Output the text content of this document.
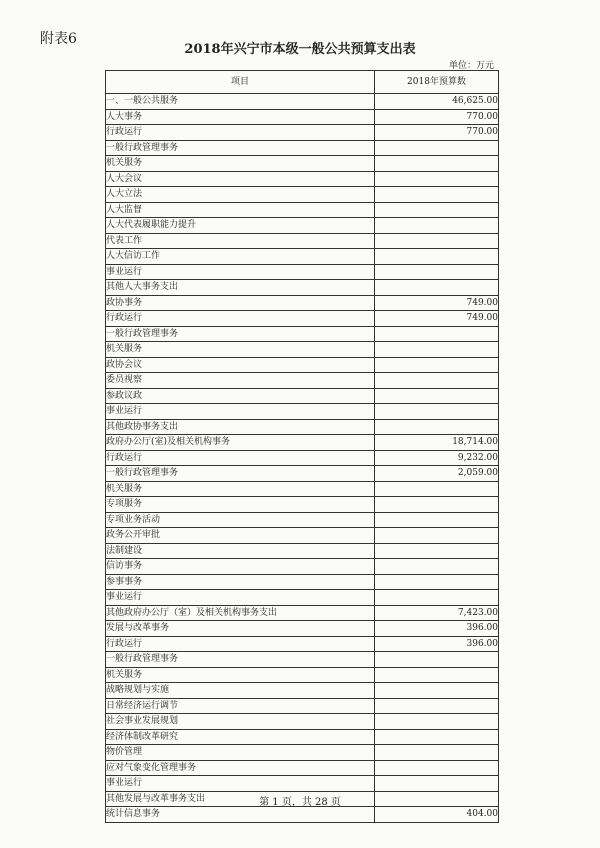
附表6
2018年兴宁市本级一般公共预算支出表
单位：万元
项目	2018年预算数
一、一般公共服务	46,625.00
人大事务	770.00
行政运行	770.00
一般行政管理事务	
机关服务	
人大会议	
人大立法	
人大监督	
人大代表履职能力提升	
代表工作	
人大信访工作	
事业运行	
其他人大事务支出	
政协事务	749.00
行政运行	749.00
一般行政管理事务	
机关服务	
政协会议	
委员视察	
参政议政	
事业运行	
其他政协事务支出	
政府办公厅(室)及相关机构事务	18,714.00
行政运行	9,232.00
一般行政管理事务	2,059.00
机关服务	
专项服务	
专项业务活动	
政务公开审批	
法制建设	
信访事务	
参事事务	
事业运行	
其他政府办公厅（室）及相关机构事务支出	7,423.00
发展与改革事务	396.00
行政运行	396.00
一般行政管理事务	
机关服务	
战略规划与实施	
日常经济运行调节	
社会事业发展规划	
经济体制改革研究	
物价管理	
应对气象变化管理事务	
事业运行	
其他发展与改革事务支出	
统计信息事务	404.00
第 1 页，共 28 页
